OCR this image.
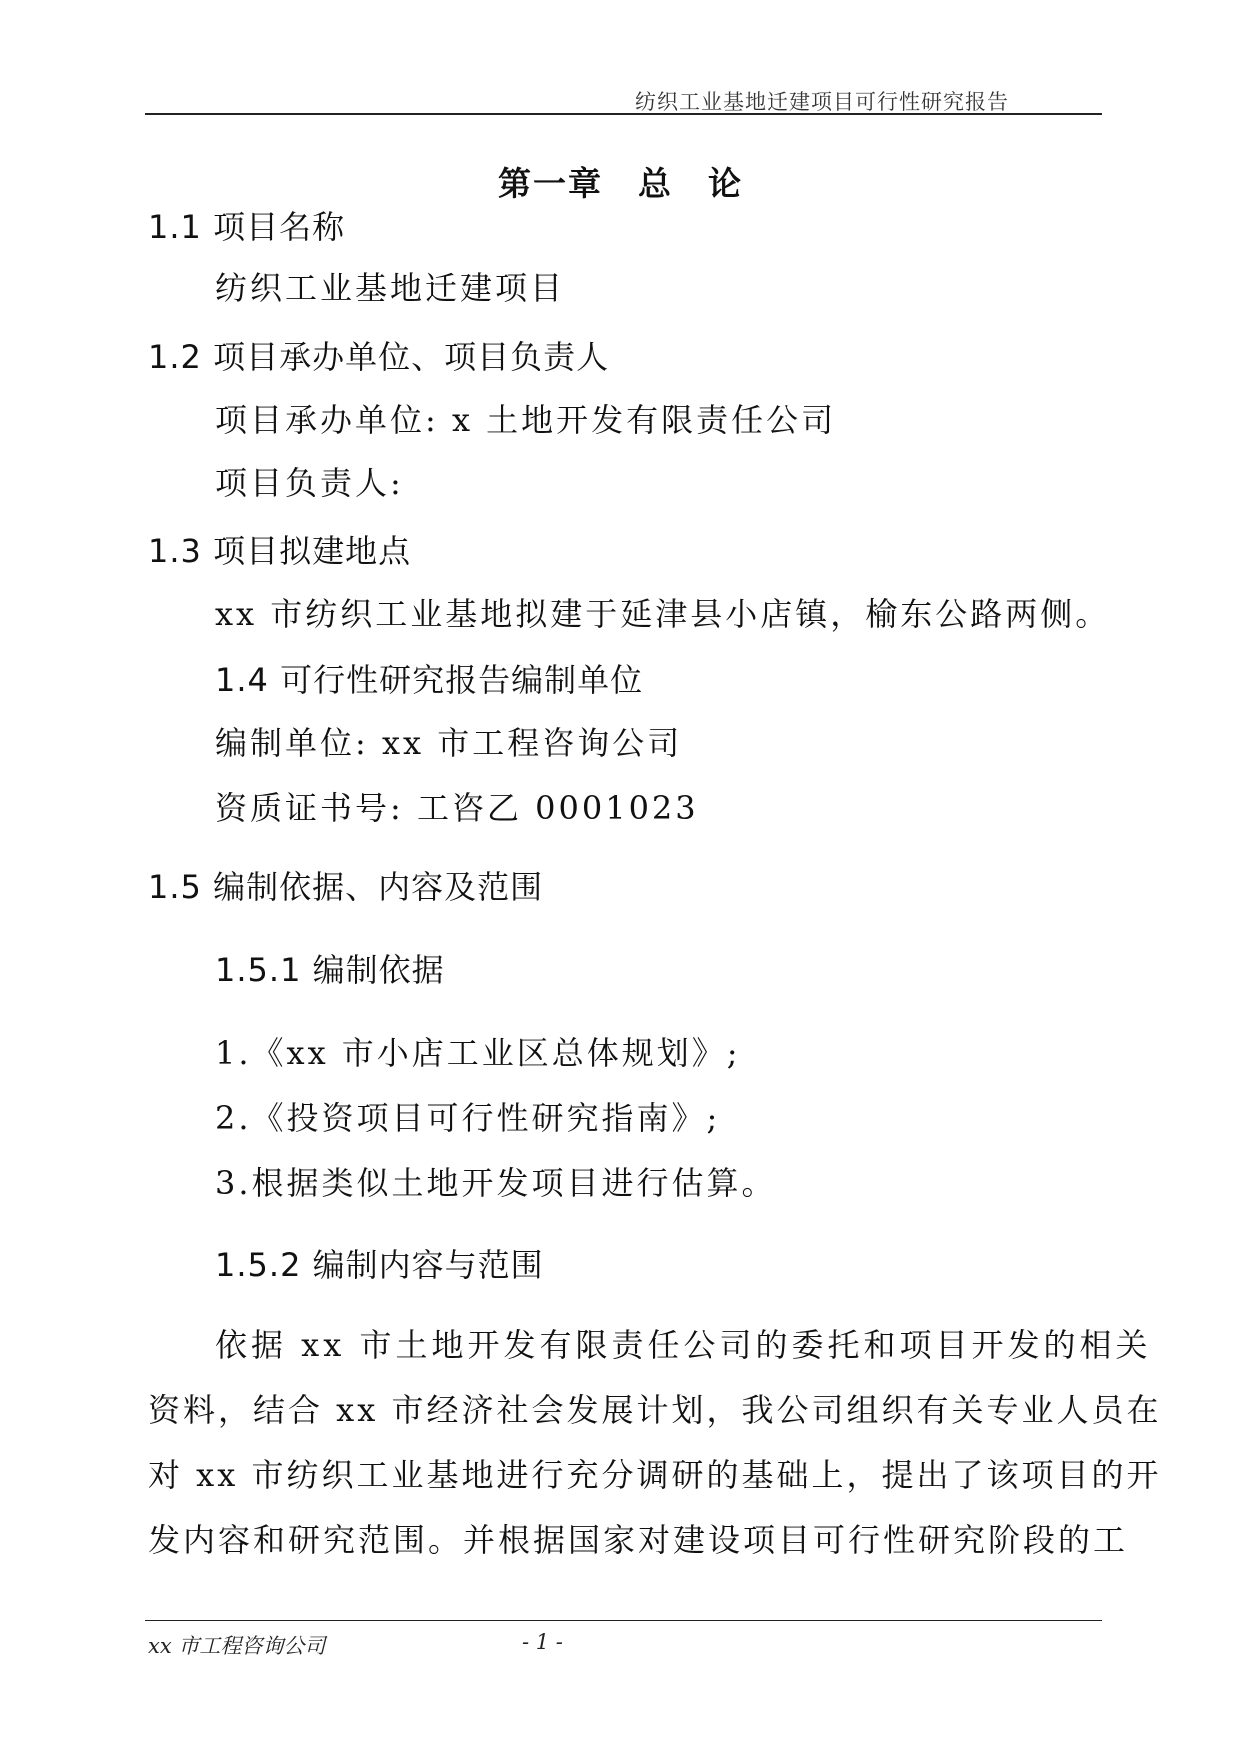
纺织工业基地迁建项目可行性研究报告
第一章　总　论
1.1 项目名称
纺织工业基地迁建项目
1.2 项目承办单位、项目负责人
项目承办单位: x 土地开发有限责任公司
项目负责人:
1.3 项目拟建地点
xx 市纺织工业基地拟建于延津县小店镇，榆东公路两侧。
1.4 可行性研究报告编制单位
编制单位: xx 市工程咨询公司
资质证书号: 工咨乙 0001023
1.5 编制依据、内容及范围
1.5.1 编制依据
1.《xx 市小店工业区总体规划》;
2.《投资项目可行性研究指南》;
3.根据类似土地开发项目进行估算。
1.5.2 编制内容与范围
依据 xx 市土地开发有限责任公司的委托和项目开发的相关
资料，结合 xx 市经济社会发展计划，我公司组织有关专业人员在
对 xx 市纺织工业基地进行充分调研的基础上，提出了该项目的开
发内容和研究范围。并根据国家对建设项目可行性研究阶段的工
xx 市工程咨询公司	- 1 -
